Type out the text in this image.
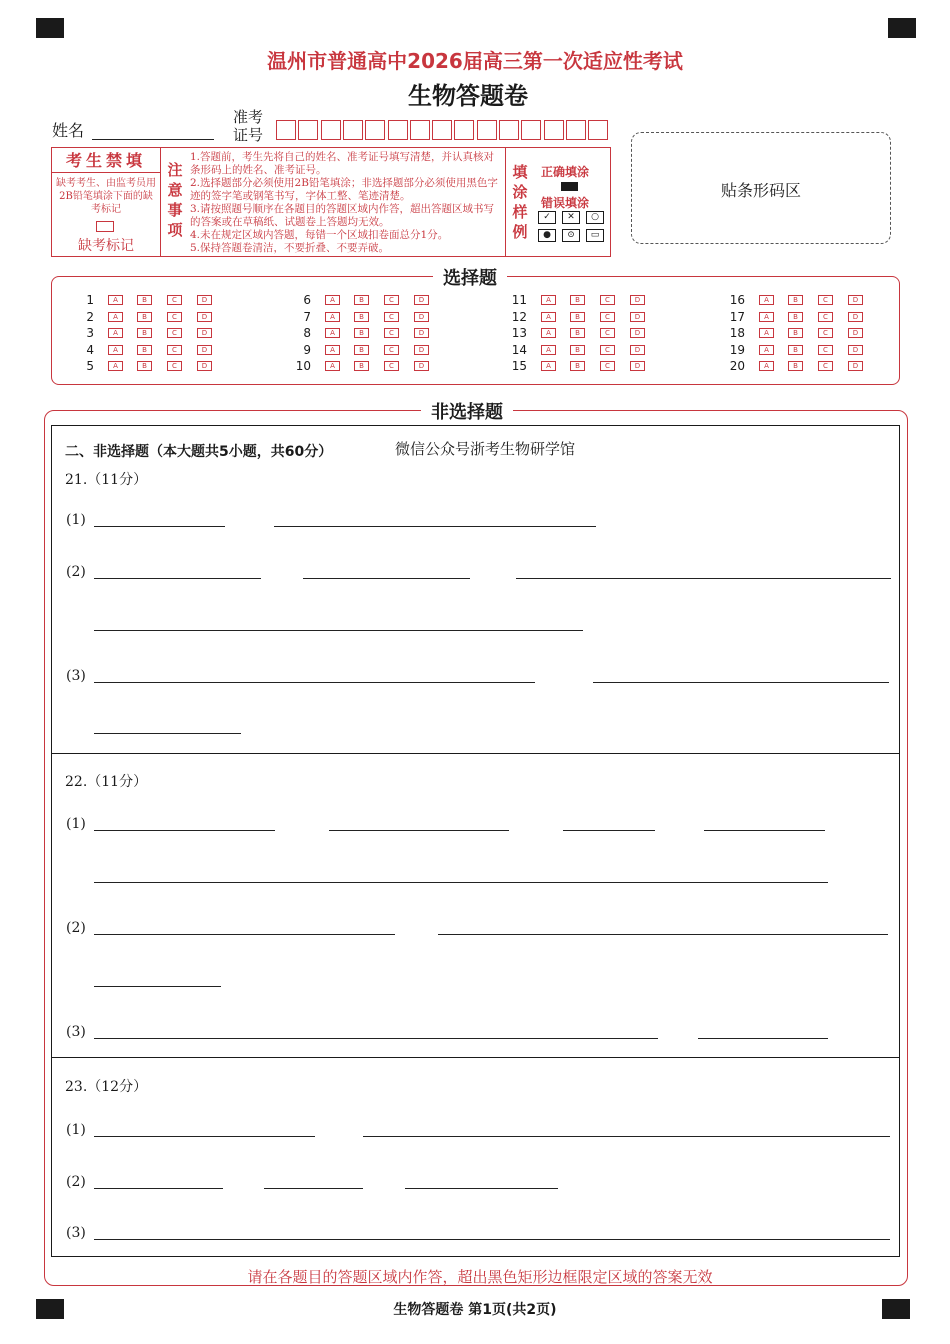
温州市普通高中2026届高三第一次适应性考试
生物答题卷
姓名
准考
证号
考生禁填
缺考考生、由监考员用2B铅笔填涂下面的缺考标记
缺考标记
注
意
事
项
1.答题前，考生先将自己的姓名、准考证号填写清楚，并认真核对条形码上的姓名、准考证号。
2.选择题部分必须使用2B铅笔填涂；非选择题部分必须使用黑色字迹的签字笔或钢笔书写，字体工整、笔迹清楚。
3.请按照题号顺序在各题目的答题区域内作答，超出答题区域书写的答案或在草稿纸、试题卷上答题均无效。
4.未在规定区域内答题，每错一个区域扣卷面总分1分。
5.保持答题卷清洁，不要折叠、不要弄破。
填
涂
样
例
正确填涂
错误填涂
✓	✕	○
●	⊙	▭
贴条形码区
选择题
1	A	B	C	D
2	A	B	C	D
3	A	B	C	D
4	A	B	C	D
5	A	B	C	D
6	A	B	C	D
7	A	B	C	D
8	A	B	C	D
9	A	B	C	D
10	A	B	C	D
11	A	B	C	D
12	A	B	C	D
13	A	B	C	D
14	A	B	C	D
15	A	B	C	D
16	A	B	C	D
17	A	B	C	D
18	A	B	C	D
19	A	B	C	D
20	A	B	C	D
非选择题
二、非选择题（本大题共5小题，共60分）	微信公众号浙考生物研学馆
21.（11分）
(1)
(2)
(3)
22.（11分）
(1)
(2)
(3)
23.（12分）
(1)
(2)
(3)
请在各题目的答题区域内作答，超出黑色矩形边框限定区域的答案无效
生物答题卷 第1页(共2页)
